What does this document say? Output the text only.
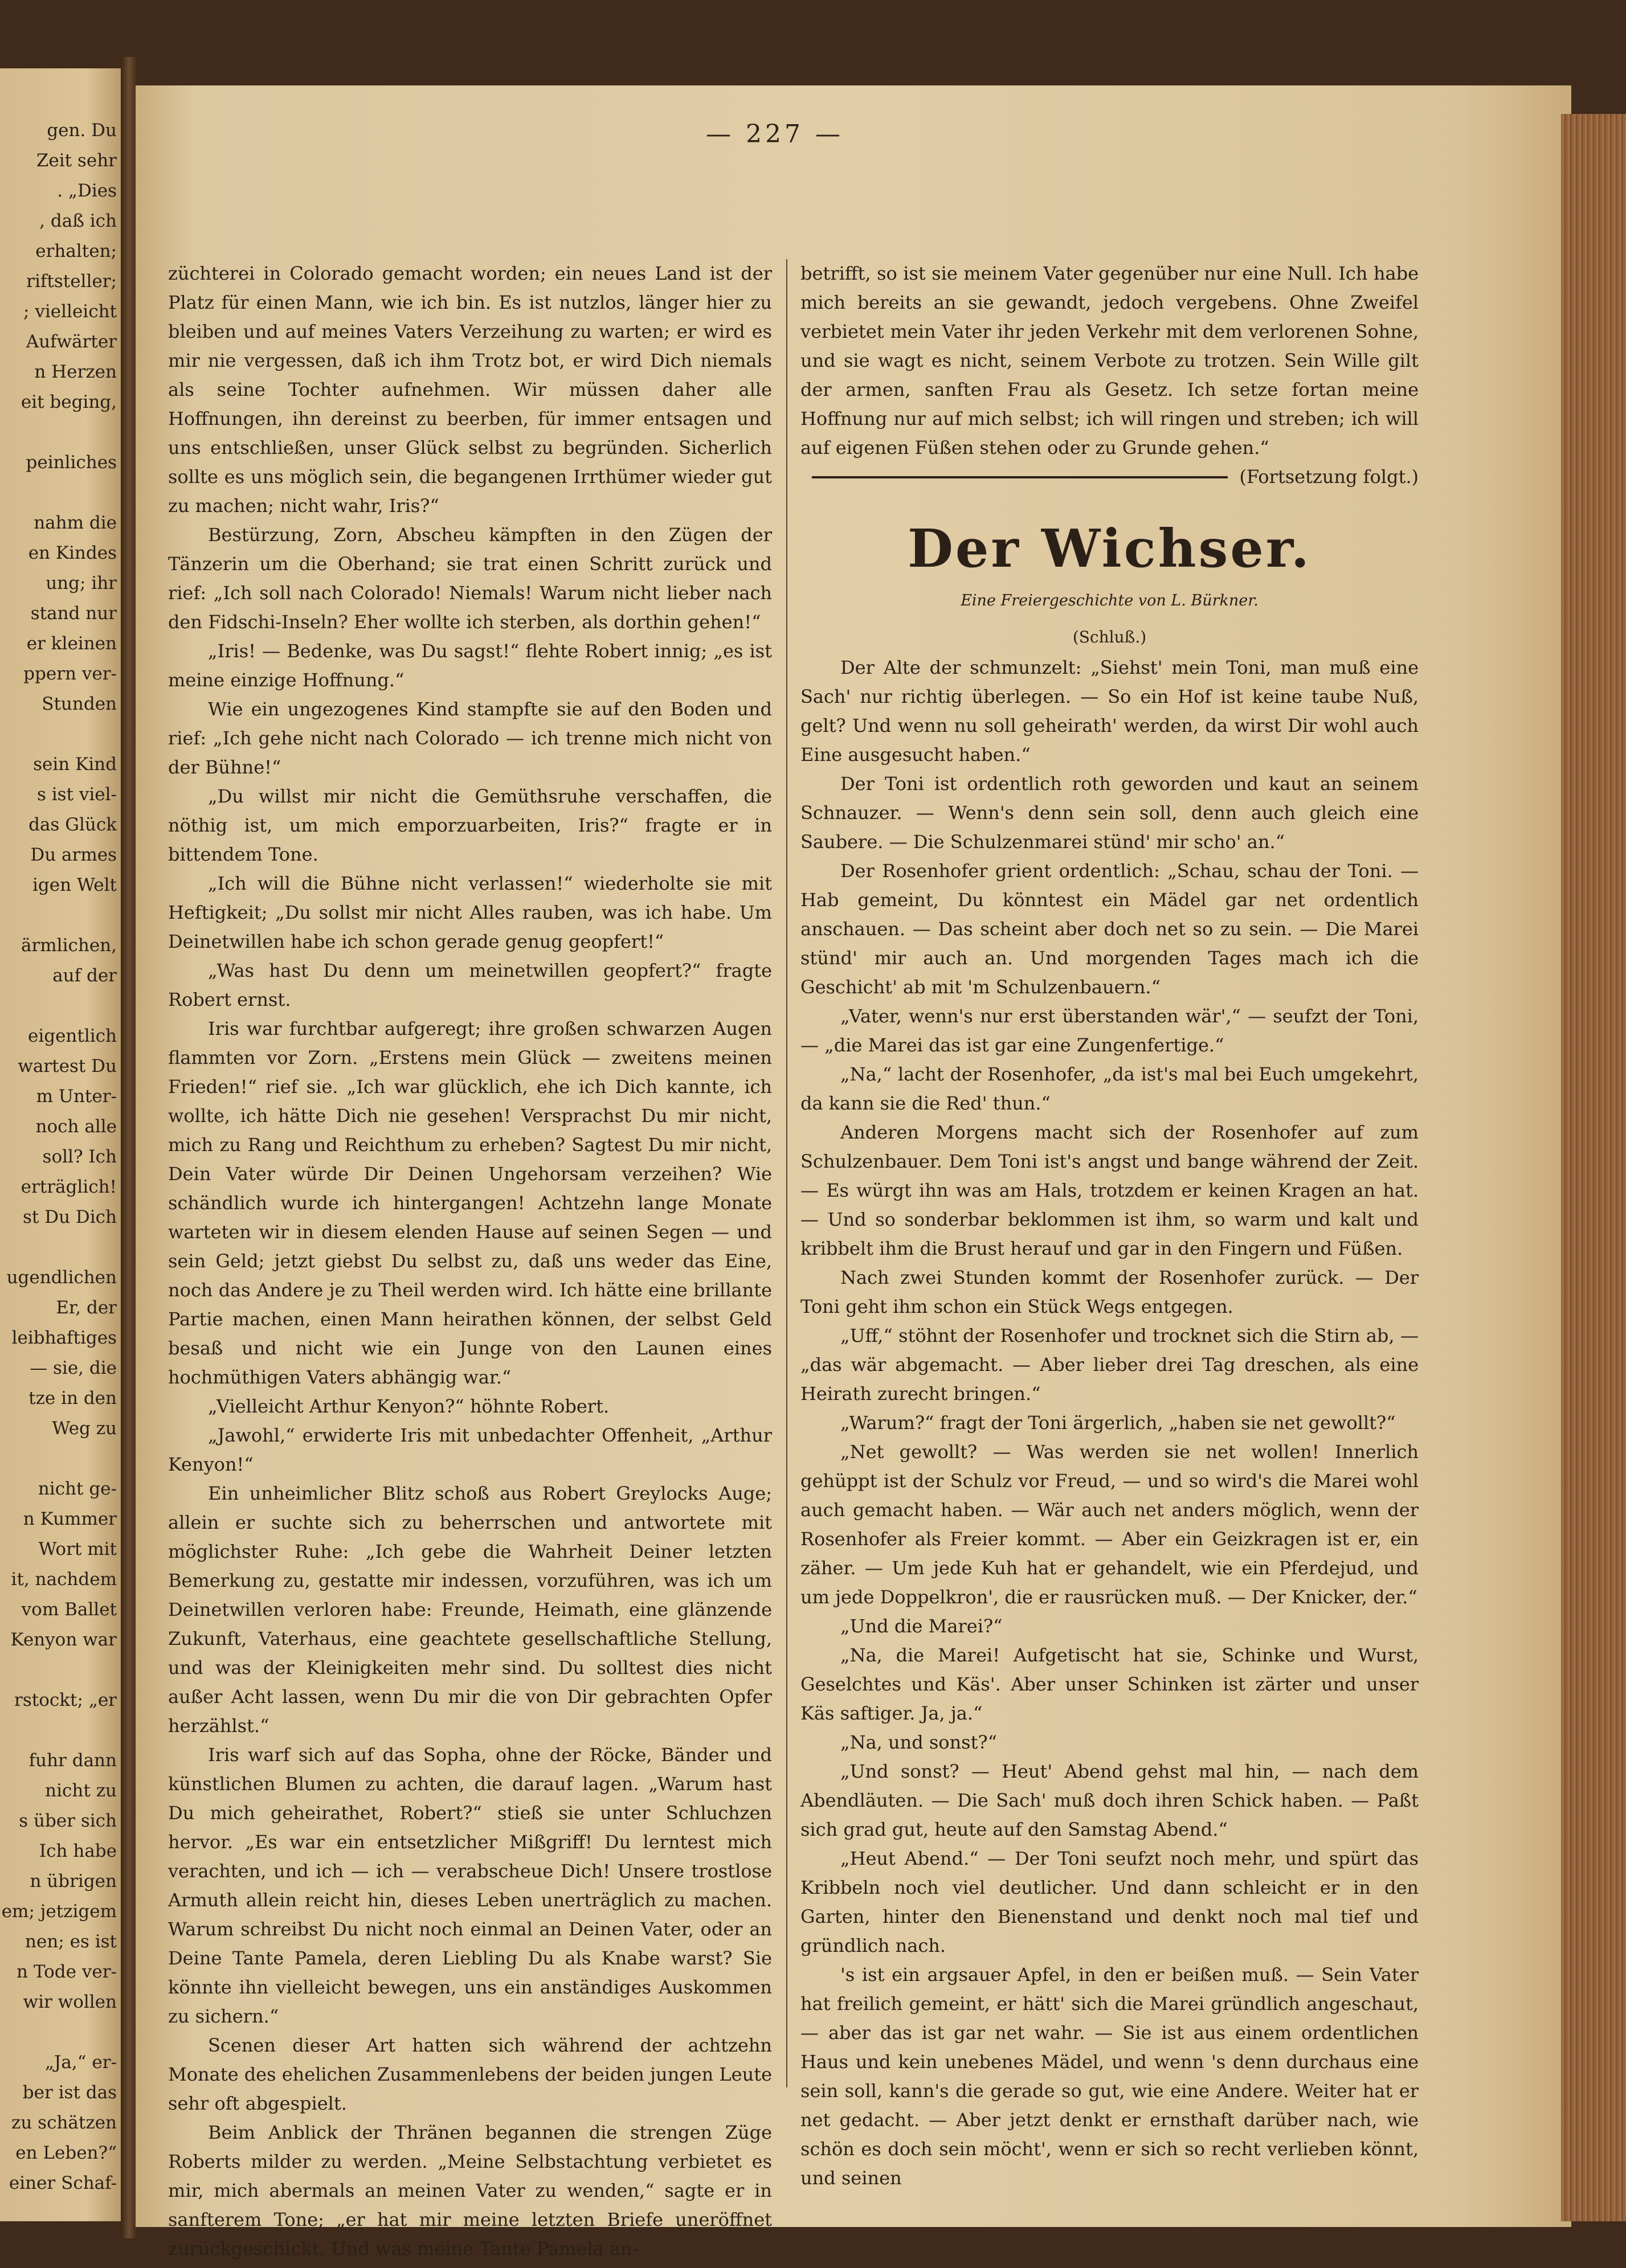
gen. Du
Zeit sehr
. „Dies
, daß ich
erhalten;
riftsteller;
; vielleicht
Aufwärter
n Herzen
eit beging,
peinliches
nahm die
en Kindes
ung; ihr
stand nur
er kleinen
ppern ver-
Stunden
sein Kind
s ist viel-
das Glück
Du armes
igen Welt
ärmlichen,
auf der
eigentlich
wartest Du
m Unter-
noch alle
soll? Ich
erträglich!
st Du Dich
ugendlichen
Er, der
leibhaftiges
— sie, die
tze in den
Weg zu
nicht ge-
n Kummer
Wort mit
it, nachdem
vom Ballet
Kenyon war
rstockt; „er
fuhr dann
nicht zu
s über sich
Ich habe
n übrigen
em; jetzigem
nen; es ist
n Tode ver-
wir wollen
„Ja,“ er-
ber ist das
zu schätzen
en Leben?“
einer Schaf-
— 227 —

züchterei in Colorado gemacht worden; ein neues Land ist der Platz für einen Mann, wie ich bin. Es ist nutzlos, länger hier zu bleiben und auf meines Vaters Verzeihung zu warten; er wird es mir nie vergessen, daß ich ihm Trotz bot, er wird Dich niemals als seine Tochter aufnehmen. Wir müssen daher alle Hoffnungen, ihn dereinst zu beerben, für immer entsagen und uns entschließen, unser Glück selbst zu begründen. Sicherlich sollte es uns möglich sein, die begangenen Irrthümer wieder gut zu machen; nicht wahr, Iris?“

Bestürzung, Zorn, Abscheu kämpften in den Zügen der Tänzerin um die Oberhand; sie trat einen Schritt zurück und rief: „Ich soll nach Colorado! Niemals! Warum nicht lieber nach den Fidschi-Inseln? Eher wollte ich sterben, als dorthin gehen!“

„Iris! — Bedenke, was Du sagst!“ flehte Robert innig; „es ist meine einzige Hoffnung.“

Wie ein ungezogenes Kind stampfte sie auf den Boden und rief: „Ich gehe nicht nach Colorado — ich trenne mich nicht von der Bühne!“

„Du willst mir nicht die Gemüthsruhe verschaffen, die nöthig ist, um mich emporzuarbeiten, Iris?“ fragte er in bittendem Tone.

„Ich will die Bühne nicht verlassen!“ wiederholte sie mit Heftigkeit; „Du sollst mir nicht Alles rauben, was ich habe. Um Deinetwillen habe ich schon gerade genug geopfert!“

„Was hast Du denn um meinetwillen geopfert?“ fragte Robert ernst.

Iris war furchtbar aufgeregt; ihre großen schwarzen Augen flammten vor Zorn. „Erstens mein Glück — zweitens meinen Frieden!“ rief sie. „Ich war glücklich, ehe ich Dich kannte, ich wollte, ich hätte Dich nie gesehen! Versprachst Du mir nicht, mich zu Rang und Reichthum zu erheben? Sagtest Du mir nicht, Dein Vater würde Dir Deinen Ungehorsam verzeihen? Wie schändlich wurde ich hintergangen! Achtzehn lange Monate warteten wir in diesem elenden Hause auf seinen Segen — und sein Geld; jetzt giebst Du selbst zu, daß uns weder das Eine, noch das Andere je zu Theil werden wird. Ich hätte eine brillante Partie machen, einen Mann heirathen können, der selbst Geld besaß und nicht wie ein Junge von den Launen eines hochmüthigen Vaters abhängig war.“

„Vielleicht Arthur Kenyon?“ höhnte Robert.

„Jawohl,“ erwiderte Iris mit unbedachter Offenheit, „Arthur Kenyon!“

Ein unheimlicher Blitz schoß aus Robert Greylocks Auge; allein er suchte sich zu beherrschen und antwortete mit möglichster Ruhe: „Ich gebe die Wahrheit Deiner letzten Bemerkung zu, gestatte mir indessen, vorzuführen, was ich um Deinetwillen verloren habe: Freunde, Heimath, eine glänzende Zukunft, Vaterhaus, eine geachtete gesellschaftliche Stellung, und was der Kleinigkeiten mehr sind. Du solltest dies nicht außer Acht lassen, wenn Du mir die von Dir gebrachten Opfer herzählst.“

Iris warf sich auf das Sopha, ohne der Röcke, Bänder und künstlichen Blumen zu achten, die darauf lagen. „Warum hast Du mich geheirathet, Robert?“ stieß sie unter Schluchzen hervor. „Es war ein entsetzlicher Mißgriff! Du lerntest mich verachten, und ich — ich — verabscheue Dich! Unsere trostlose Armuth allein reicht hin, dieses Leben unerträglich zu machen. Warum schreibst Du nicht noch einmal an Deinen Vater, oder an Deine Tante Pamela, deren Liebling Du als Knabe warst? Sie könnte ihn vielleicht bewegen, uns ein anständiges Auskommen zu sichern.“

Scenen dieser Art hatten sich während der achtzehn Monate des ehelichen Zusammenlebens der beiden jungen Leute sehr oft abgespielt.

Beim Anblick der Thränen begannen die strengen Züge Roberts milder zu werden. „Meine Selbstachtung verbietet es mir, mich abermals an meinen Vater zu wenden,“ sagte er in sanfterem Tone; „er hat mir meine letzten Briefe uneröffnet zurückgeschickt. Und was meine Tante Pamela an-

betrifft, so ist sie meinem Vater gegenüber nur eine Null. Ich habe mich bereits an sie gewandt, jedoch vergebens. Ohne Zweifel verbietet mein Vater ihr jeden Verkehr mit dem verlorenen Sohne, und sie wagt es nicht, seinem Verbote zu trotzen. Sein Wille gilt der armen, sanften Frau als Gesetz. Ich setze fortan meine Hoffnung nur auf mich selbst; ich will ringen und streben; ich will auf eigenen Füßen stehen oder zu Grunde gehen.“

(Fortsetzung folgt.)
Der Wichser.
Eine Freiergeschichte von L. Bürkner.
(Schluß.)

Der Alte der schmunzelt: „Siehst' mein Toni, man muß eine Sach' nur richtig überlegen. — So ein Hof ist keine taube Nuß, gelt? Und wenn nu soll geheirath' werden, da wirst Dir wohl auch Eine ausgesucht haben.“

Der Toni ist ordentlich roth geworden und kaut an seinem Schnauzer. — Wenn's denn sein soll, denn auch gleich eine Saubere. — Die Schulzenmarei stünd' mir scho' an.“

Der Rosenhofer grient ordentlich: „Schau, schau der Toni. — Hab gemeint, Du könntest ein Mädel gar net ordentlich anschauen. — Das scheint aber doch net so zu sein. — Die Marei stünd' mir auch an. Und morgenden Tages mach ich die Geschicht' ab mit 'm Schulzenbauern.“

„Vater, wenn's nur erst überstanden wär',“ — seufzt der Toni, — „die Marei das ist gar eine Zungenfertige.“

„Na,“ lacht der Rosenhofer, „da ist's mal bei Euch umgekehrt, da kann sie die Red' thun.“

Anderen Morgens macht sich der Rosenhofer auf zum Schulzenbauer. Dem Toni ist's angst und bange während der Zeit. — Es würgt ihn was am Hals, trotzdem er keinen Kragen an hat. — Und so sonderbar beklommen ist ihm, so warm und kalt und kribbelt ihm die Brust herauf und gar in den Fingern und Füßen.

Nach zwei Stunden kommt der Rosenhofer zurück. — Der Toni geht ihm schon ein Stück Wegs entgegen.

„Uff,“ stöhnt der Rosenhofer und trocknet sich die Stirn ab, — „das wär abgemacht. — Aber lieber drei Tag dreschen, als eine Heirath zurecht bringen.“

„Warum?“ fragt der Toni ärgerlich, „haben sie net gewollt?“

„Net gewollt? — Was werden sie net wollen! Innerlich gehüppt ist der Schulz vor Freud, — und so wird's die Marei wohl auch gemacht haben. — Wär auch net anders möglich, wenn der Rosenhofer als Freier kommt. — Aber ein Geizkragen ist er, ein zäher. — Um jede Kuh hat er gehandelt, wie ein Pferdejud, und um jede Doppelkron', die er rausrücken muß. — Der Knicker, der.“

„Und die Marei?“

„Na, die Marei! Aufgetischt hat sie, Schinke und Wurst, Geselchtes und Käs'. Aber unser Schinken ist zärter und unser Käs saftiger. Ja, ja.“

„Na, und sonst?“

„Und sonst? — Heut' Abend gehst mal hin, — nach dem Abendläuten. — Die Sach' muß doch ihren Schick haben. — Paßt sich grad gut, heute auf den Samstag Abend.“

„Heut Abend.“ — Der Toni seufzt noch mehr, und spürt das Kribbeln noch viel deutlicher. Und dann schleicht er in den Garten, hinter den Bienenstand und denkt noch mal tief und gründlich nach.

's ist ein argsauer Apfel, in den er beißen muß. — Sein Vater hat freilich gemeint, er hätt' sich die Marei gründlich angeschaut, — aber das ist gar net wahr. — Sie ist aus einem ordentlichen Haus und kein unebenes Mädel, und wenn 's denn durchaus eine sein soll, kann's die gerade so gut, wie eine Andere. Weiter hat er net gedacht. — Aber jetzt denkt er ernsthaft darüber nach, wie schön es doch sein möcht', wenn er sich so recht verlieben könnt, und seinen
